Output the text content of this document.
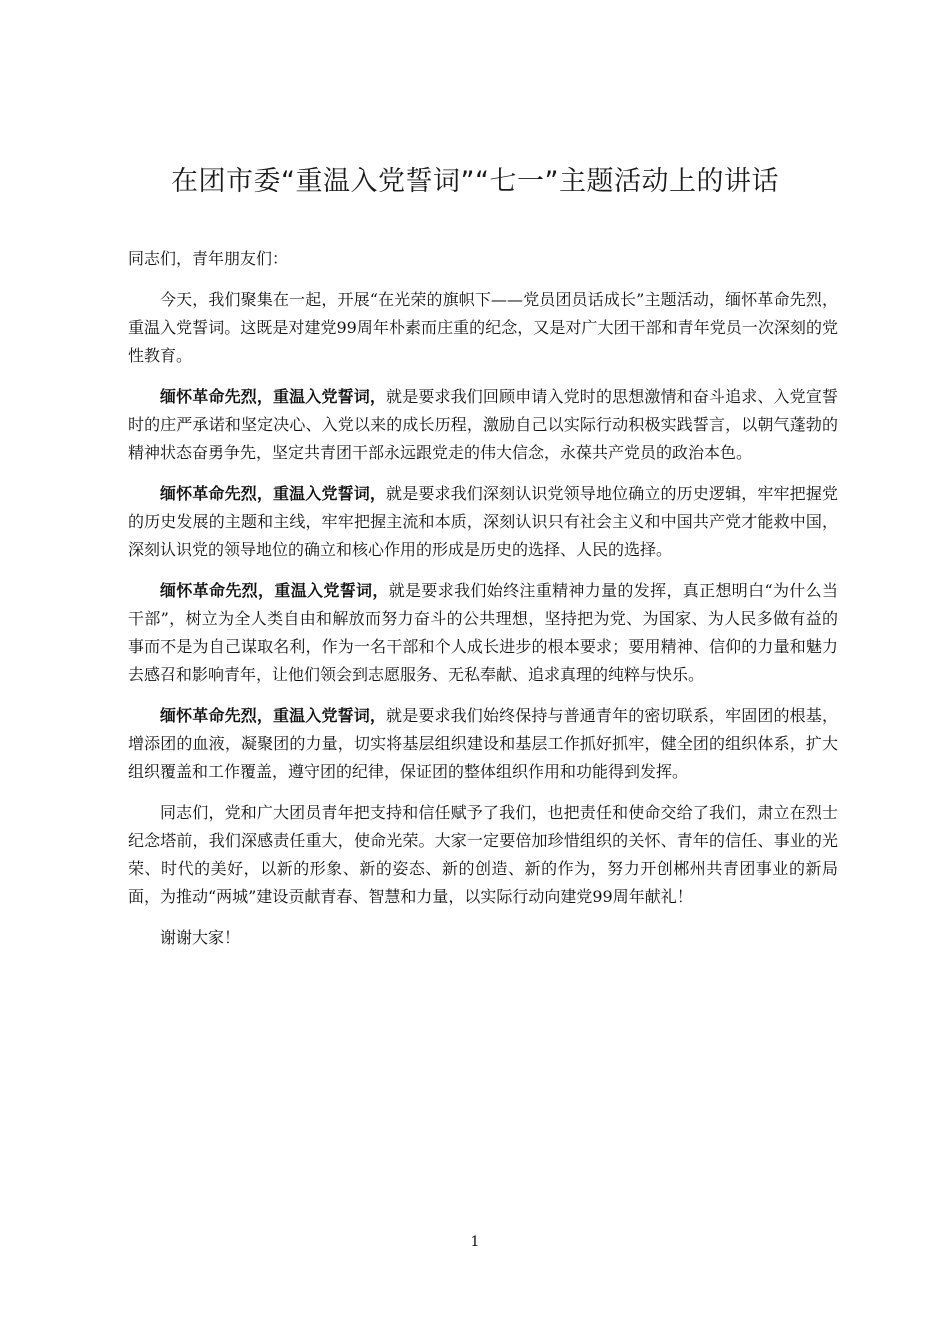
在团市委“重温入党誓词”“七一”主题活动上的讲话

同志们，青年朋友们：

今天，我们聚集在一起，开展“在光荣的旗帜下——党员团员话成长”主题活动，缅怀革命先烈，重温入党誓词。这既是对建党99周年朴素而庄重的纪念，又是对广大团干部和青年党员一次深刻的党性教育。

缅怀革命先烈，重温入党誓词，就是要求我们回顾申请入党时的思想激情和奋斗追求、入党宣誓时的庄严承诺和坚定决心、入党以来的成长历程，激励自己以实际行动积极实践誓言，以朝气蓬勃的精神状态奋勇争先，坚定共青团干部永远跟党走的伟大信念，永葆共产党员的政治本色。

缅怀革命先烈，重温入党誓词，就是要求我们深刻认识党领导地位确立的历史逻辑，牢牢把握党的历史发展的主题和主线，牢牢把握主流和本质，深刻认识只有社会主义和中国共产党才能救中国，深刻认识党的领导地位的确立和核心作用的形成是历史的选择、人民的选择。

缅怀革命先烈，重温入党誓词，就是要求我们始终注重精神力量的发挥，真正想明白“为什么当干部”，树立为全人类自由和解放而努力奋斗的公共理想，坚持把为党、为国家、为人民多做有益的事而不是为自己谋取名利，作为一名干部和个人成长进步的根本要求；要用精神、信仰的力量和魅力去感召和影响青年，让他们领会到志愿服务、无私奉献、追求真理的纯粹与快乐。

缅怀革命先烈，重温入党誓词，就是要求我们始终保持与普通青年的密切联系，牢固团的根基，增添团的血液，凝聚团的力量，切实将基层组织建设和基层工作抓好抓牢，健全团的组织体系，扩大组织覆盖和工作覆盖，遵守团的纪律，保证团的整体组织作用和功能得到发挥。

同志们，党和广大团员青年把支持和信任赋予了我们，也把责任和使命交给了我们，肃立在烈士纪念塔前，我们深感责任重大，使命光荣。大家一定要倍加珍惜组织的关怀、青年的信任、事业的光荣、时代的美好，以新的形象、新的姿态、新的创造、新的作为，努力开创郴州共青团事业的新局面，为推动“两城”建设贡献青春、智慧和力量，以实际行动向建党99周年献礼！

谢谢大家！

1
